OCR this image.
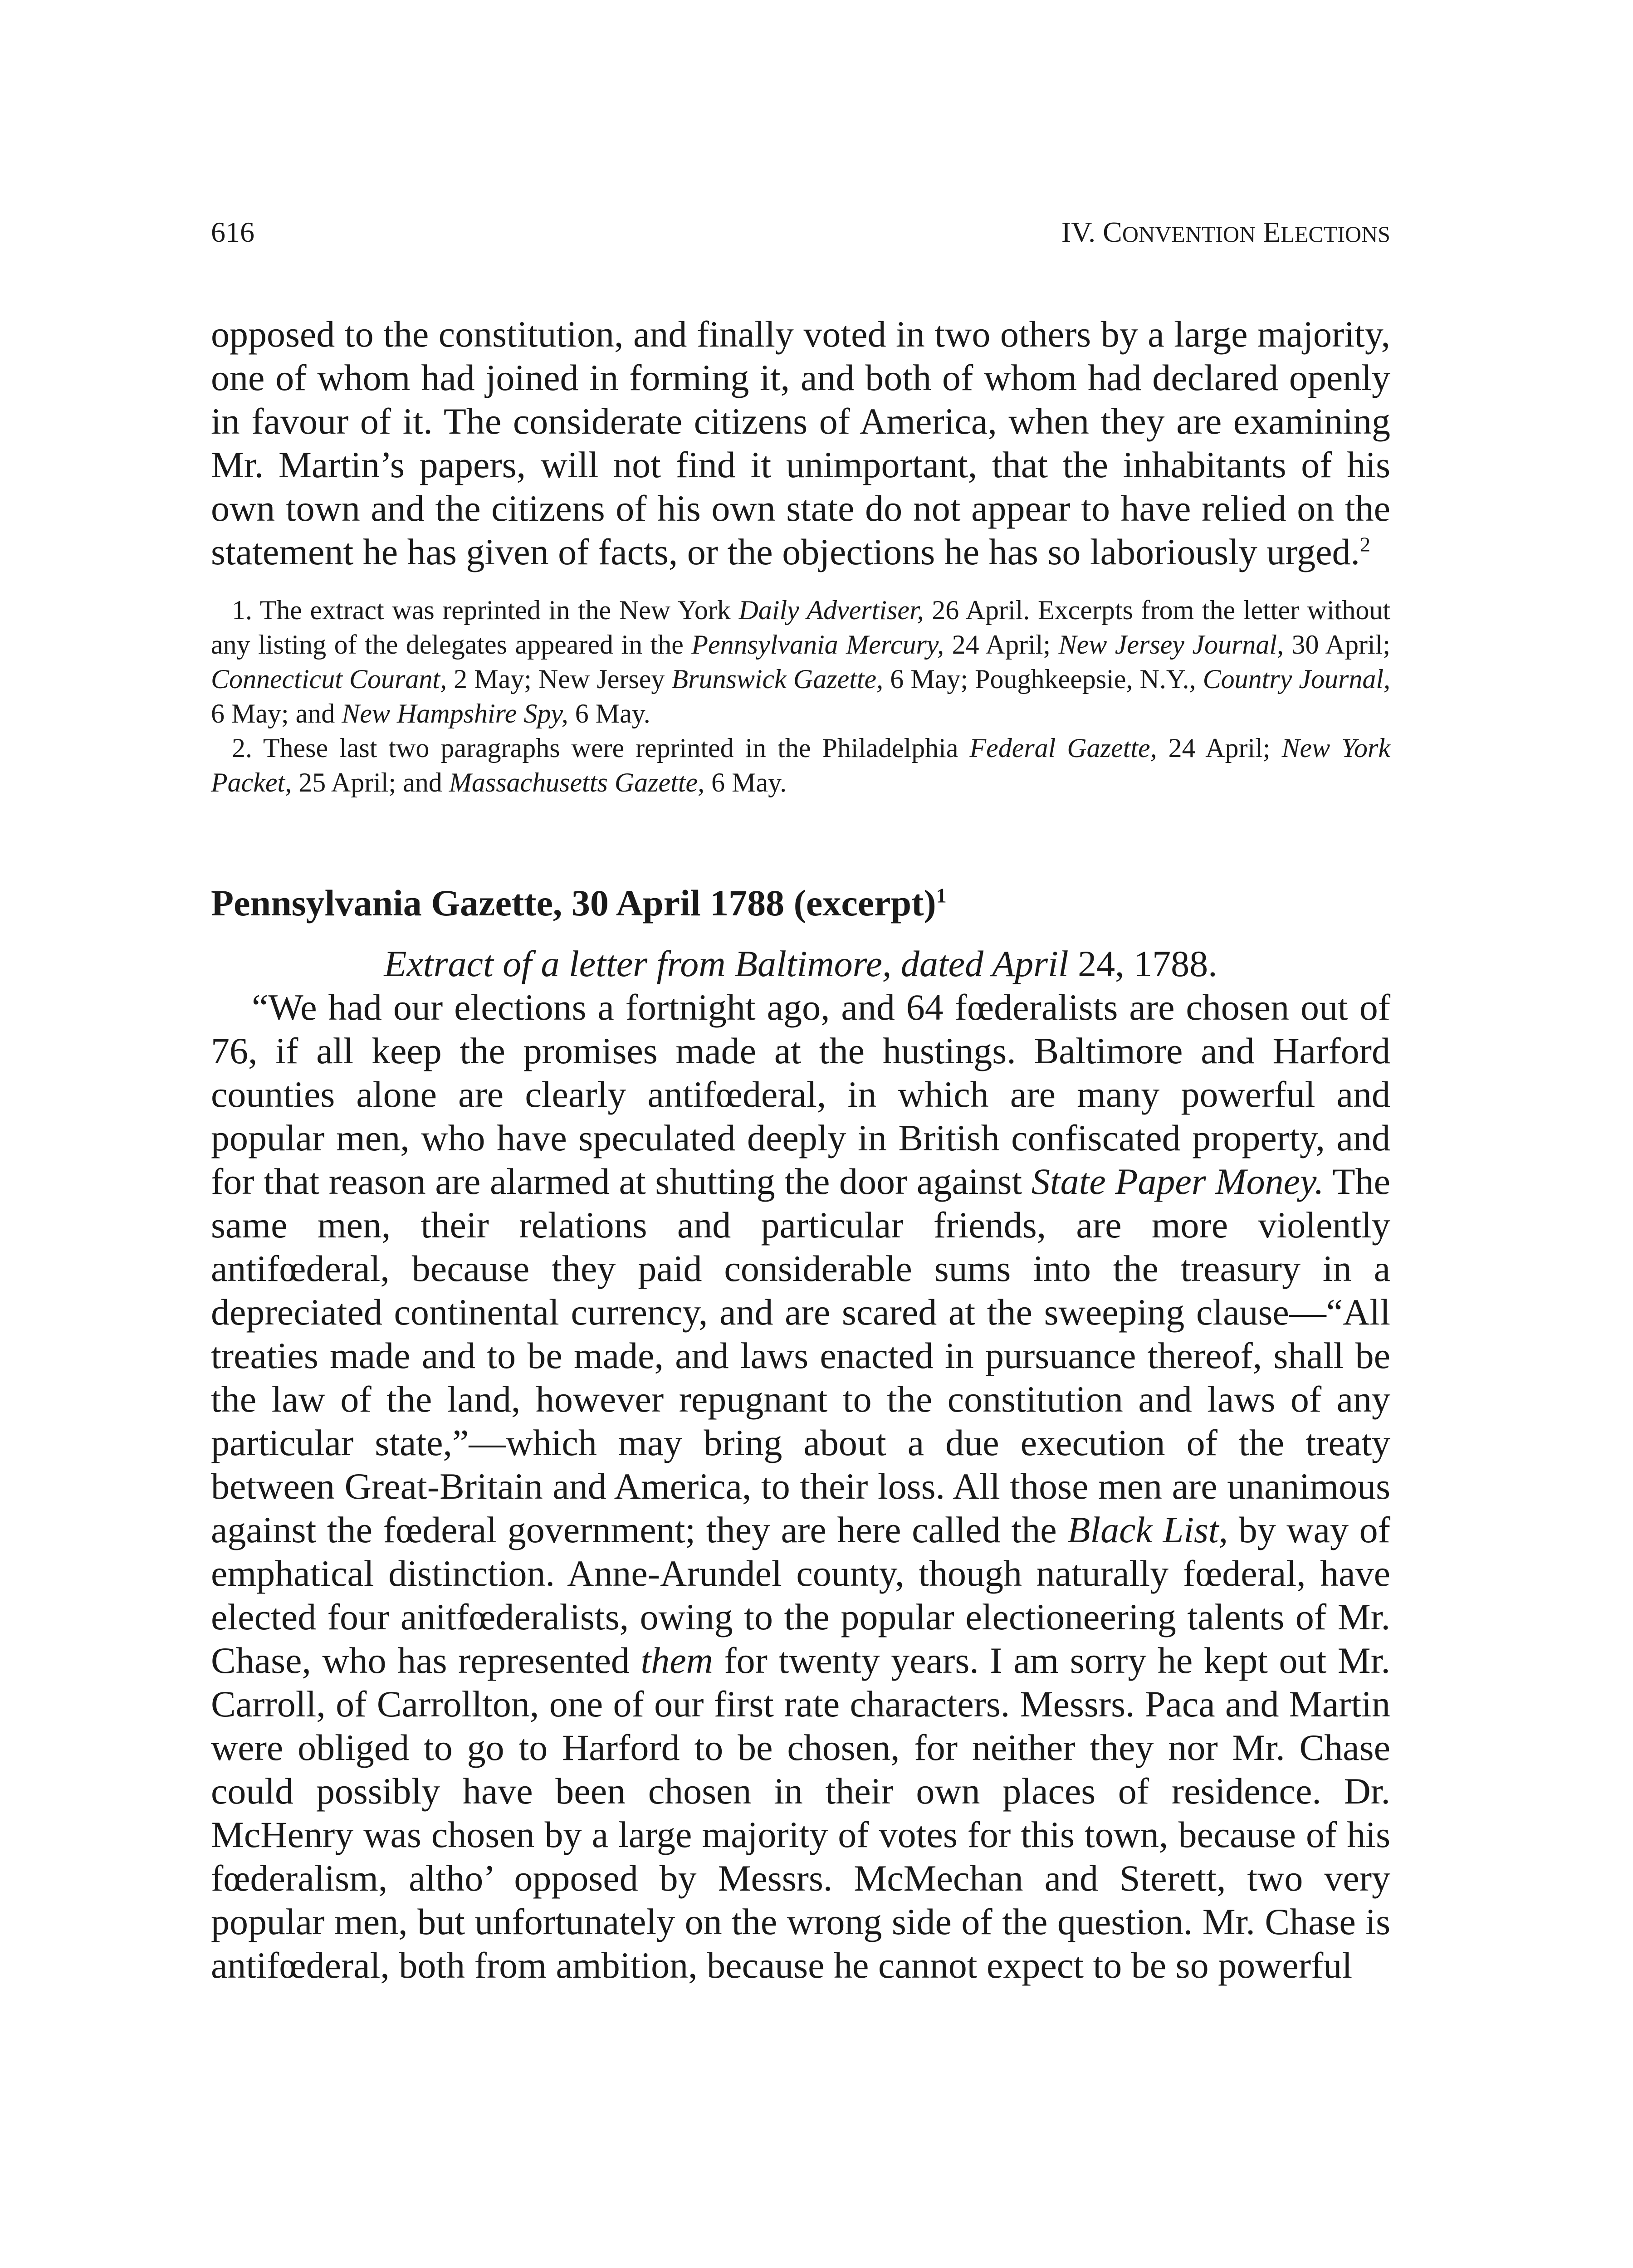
616	IV. CONVENTION ELECTIONS

opposed to the constitution, and finally voted in two others by a large majority, one of whom had joined in forming it, and both of whom had declared openly in favour of it. The considerate citizens of America, when they are examining Mr. Martin’s papers, will not find it unimportant, that the inhabitants of his own town and the citizens of his own state do not appear to have relied on the statement he has given of facts, or the objections he has so laboriously urged.$^2$

1. The extract was reprinted in the New York Daily Advertiser, 26 April. Excerpts from the letter without any listing of the delegates appeared in the Pennsylvania Mercury, 24 April; New Jersey Journal, 30 April; Connecticut Courant, 2 May; New Jersey Brunswick Gazette, 6 May; Poughkeepsie, N.Y., Country Journal, 6 May; and New Hampshire Spy, 6 May.

2. These last two paragraphs were reprinted in the Philadelphia Federal Gazette, 24 April; New York Packet, 25 April; and Massachusetts Gazette, 6 May.

Pennsylvania Gazette, 30 April 1788 (excerpt)$^1$

Extract of a letter from Baltimore, dated April 24, 1788.

“We had our elections a fortnight ago, and 64 fœderalists are chosen out of 76, if all keep the promises made at the hustings. Baltimore and Harford counties alone are clearly antifœderal, in which are many powerful and popular men, who have speculated deeply in British confiscated property, and for that reason are alarmed at shutting the door against State Paper Money. The same men, their relations and particular friends, are more violently antifœderal, because they paid considerable sums into the treasury in a depreciated continental currency, and are scared at the sweeping clause—“All treaties made and to be made, and laws enacted in pursuance thereof, shall be the law of the land, however repugnant to the constitution and laws of any particular state,”—which may bring about a due execution of the treaty between Great-Britain and America, to their loss. All those men are unanimous against the fœderal government; they are here called the Black List, by way of emphatical distinction. Anne-Arundel county, though naturally fœderal, have elected four anitfœderalists, owing to the popular electioneering talents of Mr. Chase, who has represented them for twenty years. I am sorry he kept out Mr. Carroll, of Carrollton, one of our first rate characters. Messrs. Paca and Martin were obliged to go to Harford to be chosen, for neither they nor Mr. Chase could possibly have been chosen in their own places of residence. Dr. McHenry was chosen by a large majority of votes for this town, because of his fœderalism, altho’ opposed by Messrs. McMechan and Sterett, two very popular men, but unfortunately on the wrong side of the question. Mr. Chase is antifœderal, both from ambition, because he cannot expect to be so powerful
